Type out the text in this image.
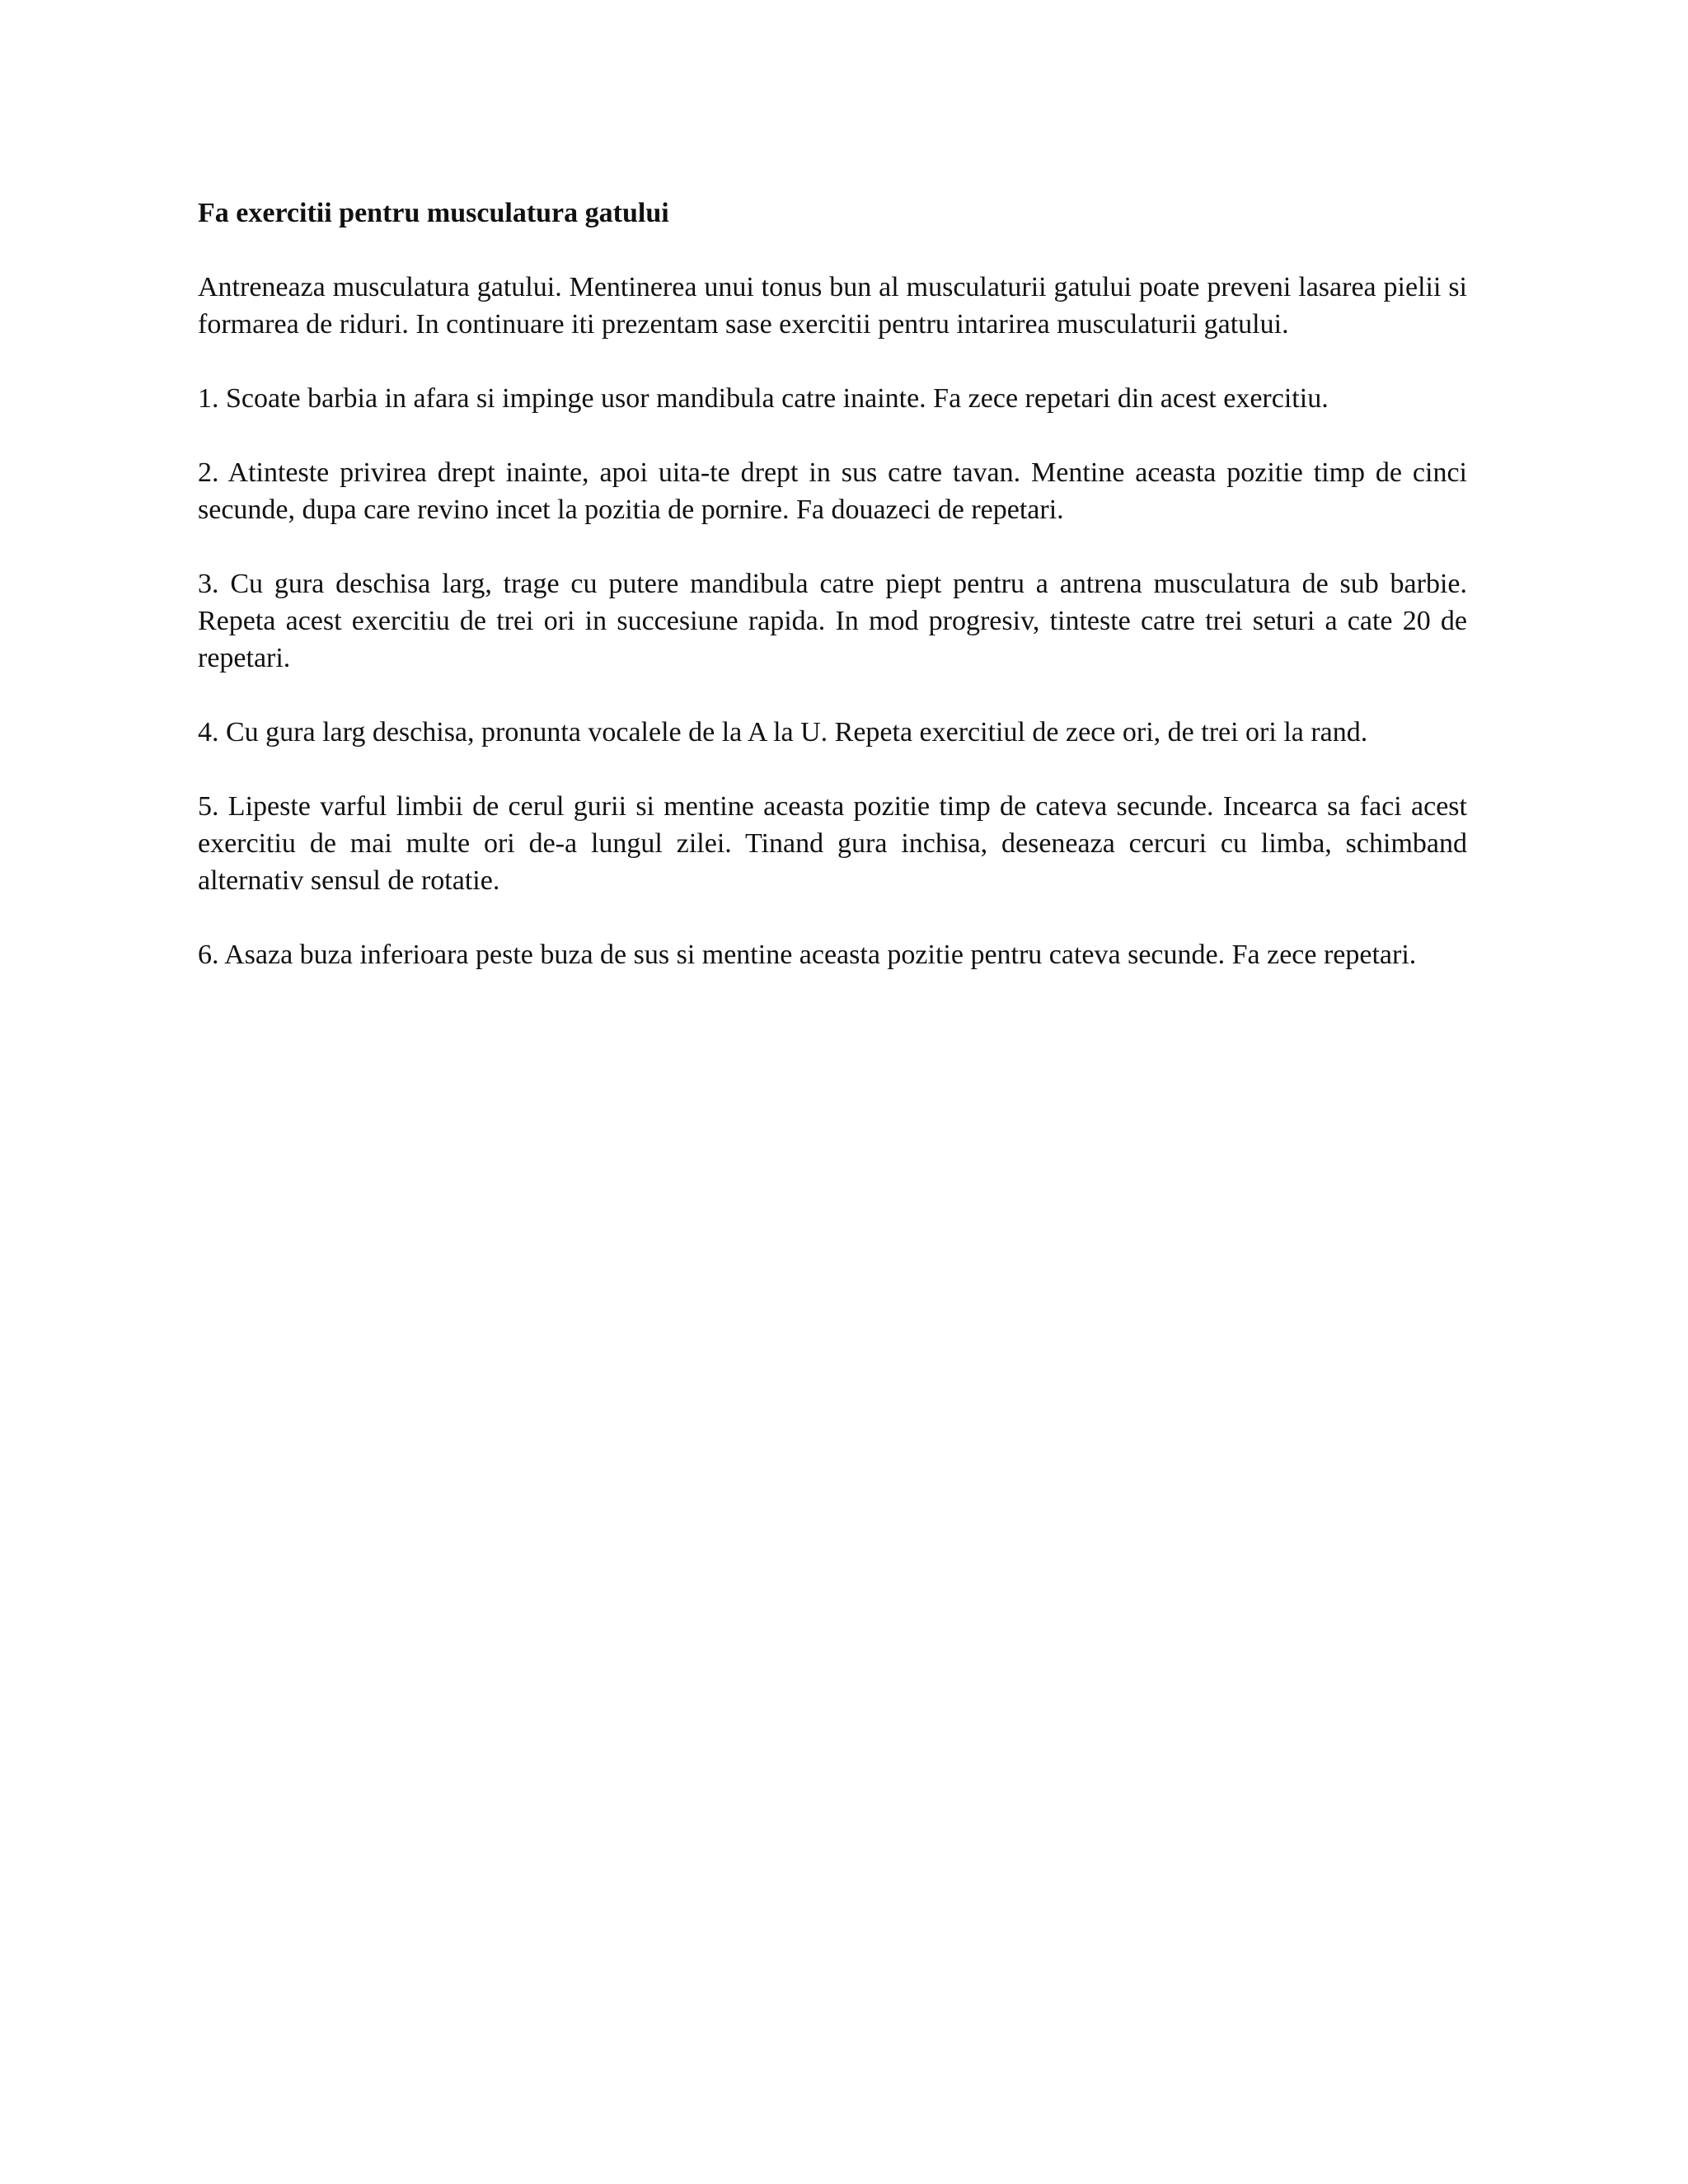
Fa exercitii pentru musculatura gatului

Antreneaza musculatura gatului. Mentinerea unui tonus bun al musculaturii gatului poate preveni lasarea pielii si formarea de riduri. In continuare iti prezentam sase exercitii pentru intarirea musculaturii gatului.

1. Scoate barbia in afara si impinge usor mandibula catre inainte. Fa zece repetari din acest exercitiu.

2. Atinteste privirea drept inainte, apoi uita-te drept in sus catre tavan. Mentine aceasta pozitie timp de cinci secunde, dupa care revino incet la pozitia de pornire. Fa douazeci de repetari.

3. Cu gura deschisa larg, trage cu putere mandibula catre piept pentru a antrena musculatura de sub barbie. Repeta acest exercitiu de trei ori in succesiune rapida. In mod progresiv, tinteste catre trei seturi a cate 20 de repetari.

4. Cu gura larg deschisa, pronunta vocalele de la A la U. Repeta exercitiul de zece ori, de trei ori la rand.

5. Lipeste varful limbii de cerul gurii si mentine aceasta pozitie timp de cateva secunde. Incearca sa faci acest exercitiu de mai multe ori de-a lungul zilei. Tinand gura inchisa, deseneaza cercuri cu limba, schimband alternativ sensul de rotatie.

6. Asaza buza inferioara peste buza de sus si mentine aceasta pozitie pentru cateva secunde. Fa zece repetari.
